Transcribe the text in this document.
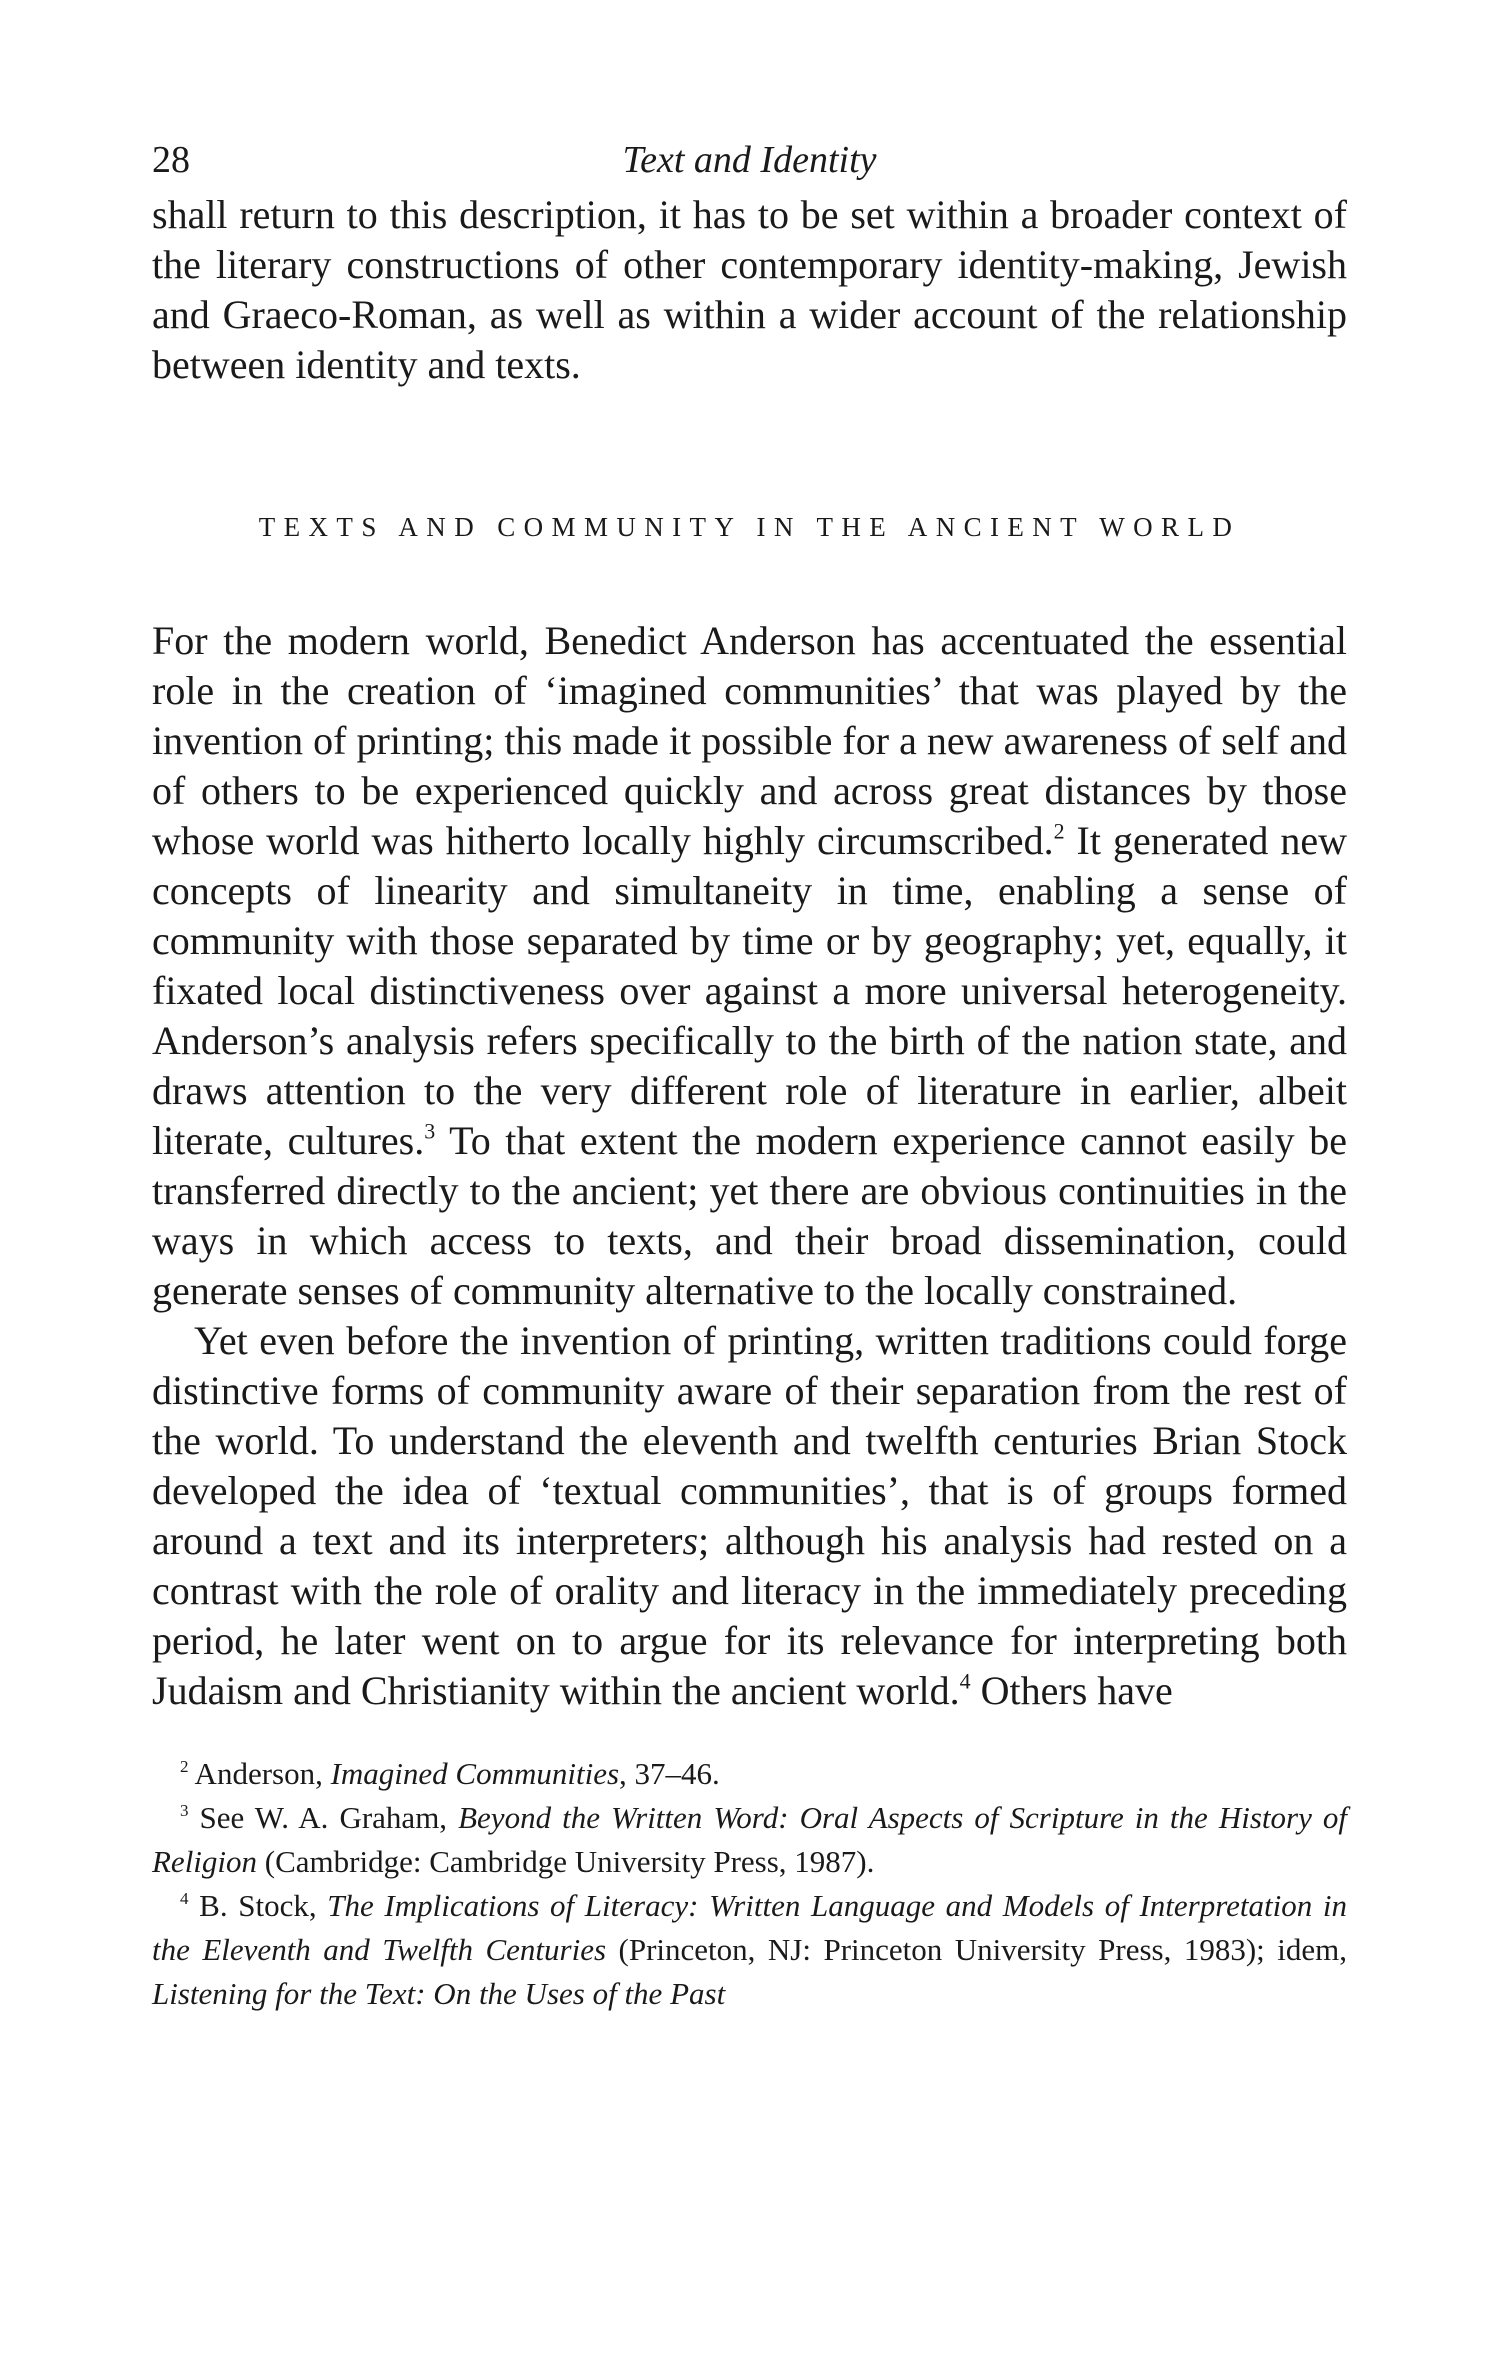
28	Text and Identity

shall return to this description, it has to be set within a broader context of the literary constructions of other contemporary identity-making, Jewish and Graeco-Roman, as well as within a wider account of the relationship between identity and texts.

TEXTS AND COMMUNITY IN THE ANCIENT WORLD

For the modern world, Benedict Anderson has accentuated the essential role in the creation of ‘imagined communities’ that was played by the invention of printing; this made it possible for a new awareness of self and of others to be experienced quickly and across great distances by those whose world was hitherto locally highly circumscribed.$^2$ It generated new concepts of linearity and simultaneity in time, enabling a sense of community with those separated by time or by geography; yet, equally, it fixated local distinctiveness over against a more universal heterogeneity. Anderson’s analysis refers specifically to the birth of the nation state, and draws attention to the very different role of literature in earlier, albeit literate, cultures.$^3$ To that extent the modern experience cannot easily be transferred directly to the ancient; yet there are obvious continuities in the ways in which access to texts, and their broad dissemination, could generate senses of community alternative to the locally constrained.

Yet even before the invention of printing, written traditions could forge distinctive forms of community aware of their separation from the rest of the world. To understand the eleventh and twelfth centuries Brian Stock developed the idea of ‘textual communities’, that is of groups formed around a text and its interpreters; although his analysis had rested on a contrast with the role of orality and literacy in the immediately preceding period, he later went on to argue for its relevance for interpreting both Judaism and Christianity within the ancient world.$^4$ Others have

$^2$ Anderson, Imagined Communities, 37–46.

$^3$ See W. A. Graham, Beyond the Written Word: Oral Aspects of Scripture in the History of Religion (Cambridge: Cambridge University Press, 1987).

$^4$ B. Stock, The Implications of Literacy: Written Language and Models of Interpretation in the Eleventh and Twelfth Centuries (Princeton, NJ: Princeton University Press, 1983); idem, Listening for the Text: On the Uses of the Past
